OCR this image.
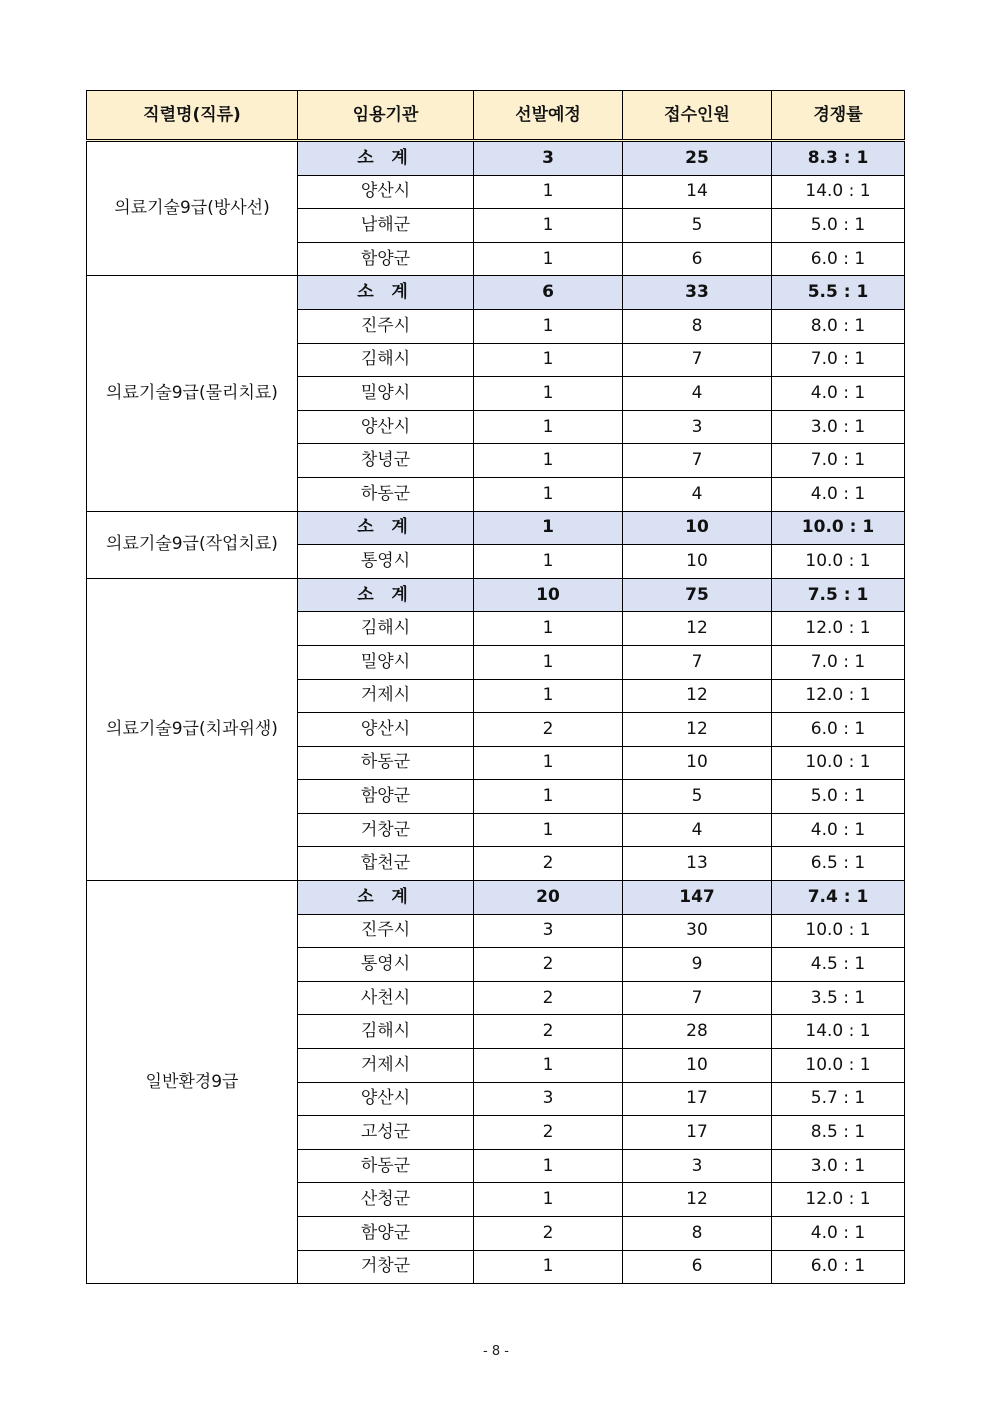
직렬명(직류)	임용기관	선발예정	접수인원	경쟁률
의료기술9급(방사선)	소 계	3	25	8.3 : 1
	양산시	1	14	14.0 : 1
	남해군	1	5	5.0 : 1
	함양군	1	6	6.0 : 1
의료기술9급(물리치료)	소 계	6	33	5.5 : 1
	진주시	1	8	8.0 : 1
	김해시	1	7	7.0 : 1
	밀양시	1	4	4.0 : 1
	양산시	1	3	3.0 : 1
	창녕군	1	7	7.0 : 1
	하동군	1	4	4.0 : 1
의료기술9급(작업치료)	소 계	1	10	10.0 : 1
	통영시	1	10	10.0 : 1
의료기술9급(치과위생)	소 계	10	75	7.5 : 1
	김해시	1	12	12.0 : 1
	밀양시	1	7	7.0 : 1
	거제시	1	12	12.0 : 1
	양산시	2	12	6.0 : 1
	하동군	1	10	10.0 : 1
	함양군	1	5	5.0 : 1
	거창군	1	4	4.0 : 1
	합천군	2	13	6.5 : 1
일반환경9급	소 계	20	147	7.4 : 1
	진주시	3	30	10.0 : 1
	통영시	2	9	4.5 : 1
	사천시	2	7	3.5 : 1
	김해시	2	28	14.0 : 1
	거제시	1	10	10.0 : 1
	양산시	3	17	5.7 : 1
	고성군	2	17	8.5 : 1
	하동군	1	3	3.0 : 1
	산청군	1	12	12.0 : 1
	함양군	2	8	4.0 : 1
	거창군	1	6	6.0 : 1
- 8 -
